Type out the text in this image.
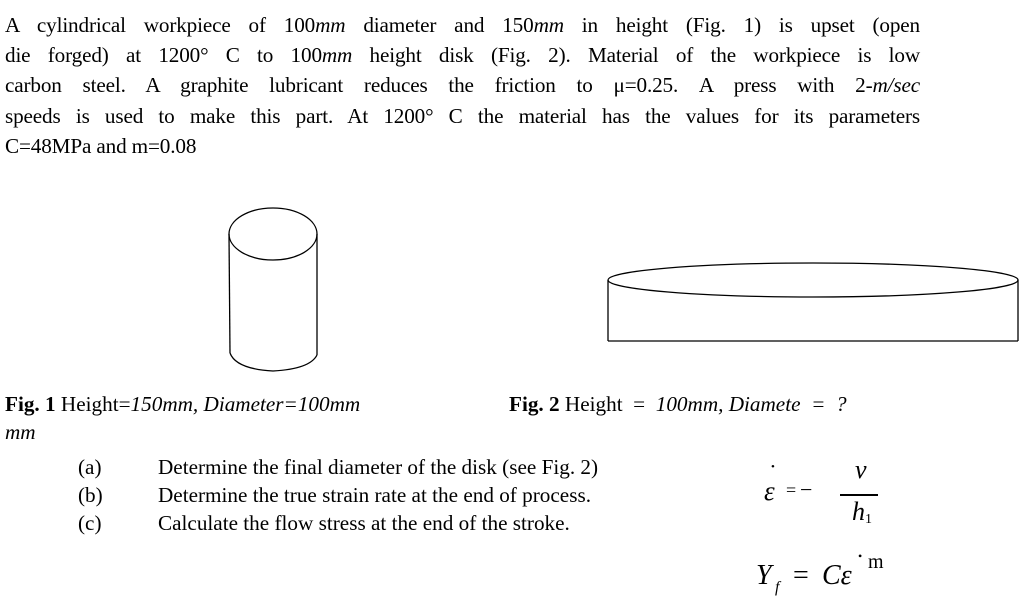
A cylindrical workpiece of 100mm diameter and 150mm in height (Fig. 1) is upset (open
die forged) at 1200° C to 100mm height disk (Fig. 2). Material of the workpiece is low
carbon steel. A graphite lubricant reduces the friction to μ=0.25. A press with 2-m/sec
speeds is used to make this part. At 1200° C the material has the values for its parameters
C=48MPa and m=0.08
Fig. 1 Height=150mm, Diameter=100mm
mm
Fig. 2 Height  =  100mm, Diamete  =  ?
(a)	Determine the final diameter of the disk (see Fig. 2)
(b)	Determine the true strain rate at the end of process.
(c)	Calculate the flow stress at the end of the stroke.
ε
•
= −
v
h 1
Y f = Cε
• m
